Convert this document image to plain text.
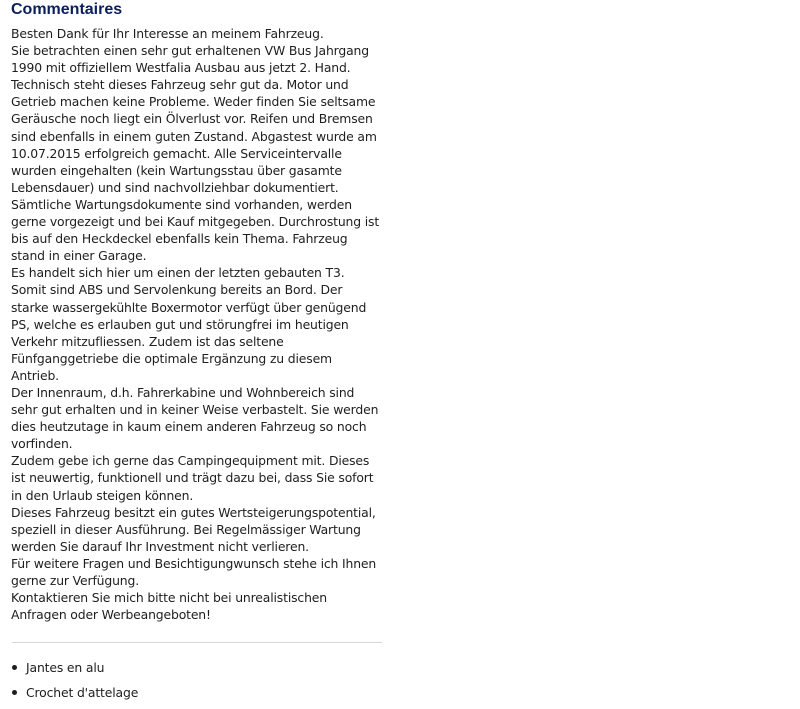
Commentaires

Besten Dank für Ihr Interesse an meinem Fahrzeug.

Sie betrachten einen sehr gut erhaltenen VW Bus Jahrgang 1990 mit offiziellem Westfalia Ausbau aus jetzt 2. Hand. Technisch steht dieses Fahrzeug sehr gut da. Motor und Getrieb machen keine Probleme. Weder finden Sie seltsame Geräusche noch liegt ein Ölverlust vor. Reifen und Bremsen sind ebenfalls in einem guten Zustand. Abgastest wurde am 10.07.2015 erfolgreich gemacht. Alle Serviceintervalle wurden eingehalten (kein Wartungsstau über gasamte Lebensdauer) und sind nachvollziehbar dokumentiert. Sämtliche Wartungsdokumente sind vorhanden, werden gerne vorgezeigt und bei Kauf mitgegeben. Durchrostung ist bis auf den Heckdeckel ebenfalls kein Thema. Fahrzeug stand in einer Garage.

Es handelt sich hier um einen der letzten gebauten T3. Somit sind ABS und Servolenkung bereits an Bord. Der starke wassergekühlte Boxermotor verfügt über genügend PS, welche es erlauben gut und störungfrei im heutigen Verkehr mitzufliessen. Zudem ist das seltene Fünfganggetriebe die optimale Ergänzung zu diesem Antrieb.

Der Innenraum, d.h. Fahrerkabine und Wohnbereich sind sehr gut erhalten und in keiner Weise verbastelt. Sie werden dies heutzutage in kaum einem anderen Fahrzeug so noch vorfinden.

Zudem gebe ich gerne das Campingequipment mit. Dieses ist neuwertig, funktionell und trägt dazu bei, dass Sie sofort in den Urlaub steigen können.

Dieses Fahrzeug besitzt ein gutes Wertsteigerungspotential, speziell in dieser Ausführung. Bei Regelmässiger Wartung werden Sie darauf Ihr Investment nicht verlieren.

Für weitere Fragen und Besichtigungwunsch stehe ich Ihnen gerne zur Verfügung.

Kontaktieren Sie mich bitte nicht bei unrealistischen Anfragen oder Werbeangeboten!

Jantes en alu
Crochet d'attelage
